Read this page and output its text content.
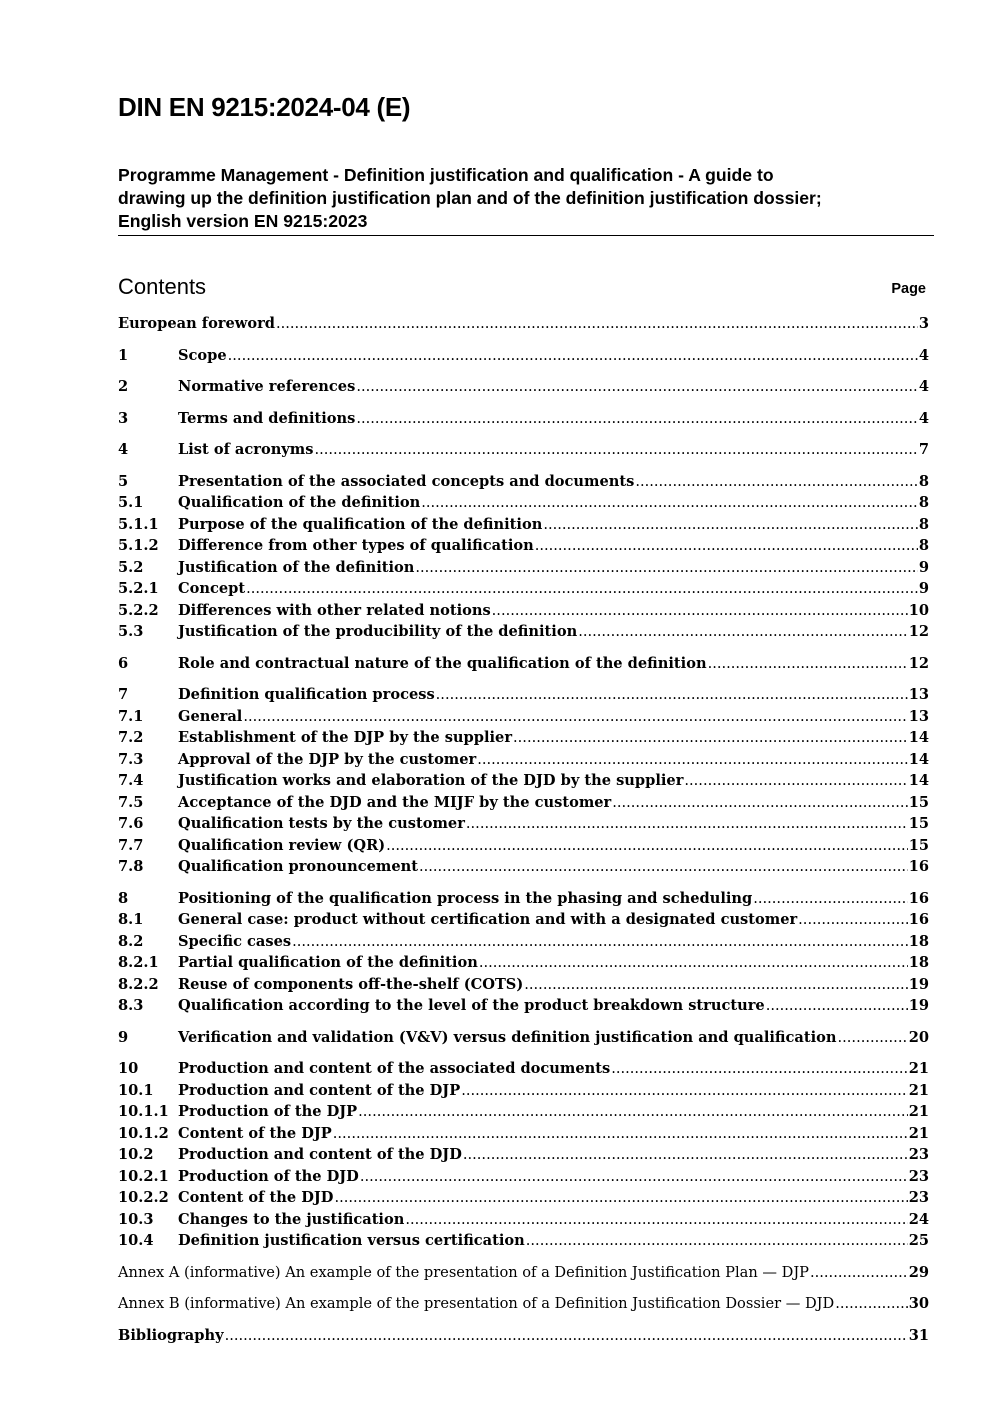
DIN EN 9215:2024-04 (E)
Programme Management - Definition justification and qualification - A guide to
drawing up the definition justification plan and of the definition justification dossier;
English version EN 9215:2023
Contents	Page
European foreword .....	3
1	Scope .....	4
2	Normative references .....	4
3	Terms and definitions .....	4
4	List of acronyms .....	7
5	Presentation of the associated concepts and documents .....	8
5.1	Qualification of the definition .....	8
5.1.1	Purpose of the qualification of the definition .....	8
5.1.2	Difference from other types of qualification .....	8
5.2	Justification of the definition .....	9
5.2.1	Concept .....	9
5.2.2	Differences with other related notions .....	10
5.3	Justification of the producibility of the definition .....	12
6	Role and contractual nature of the qualification of the definition .....	12
7	Definition qualification process .....	13
7.1	General .....	13
7.2	Establishment of the DJP by the supplier .....	14
7.3	Approval of the DJP by the customer .....	14
7.4	Justification works and elaboration of the DJD by the supplier .....	14
7.5	Acceptance of the DJD and the MIJF by the customer .....	15
7.6	Qualification tests by the customer .....	15
7.7	Qualification review (QR) .....	15
7.8	Qualification pronouncement .....	16
8	Positioning of the qualification process in the phasing and scheduling .....	16
8.1	General case: product without certification and with a designated customer .....	16
8.2	Specific cases .....	18
8.2.1	Partial qualification of the definition .....	18
8.2.2	Reuse of components off-the-shelf (COTS) .....	19
8.3	Qualification according to the level of the product breakdown structure .....	19
9	Verification and validation (V&V) versus definition justification and qualification .....	20
10	Production and content of the associated documents .....	21
10.1	Production and content of the DJP .....	21
10.1.1 Production of the DJP .....	21
10.1.2 Content of the DJP .....	21
10.2	Production and content of the DJD .....	23
10.2.1 Production of the DJD .....	23
10.2.2 Content of the DJD .....	23
10.3	Changes to the justification .....	24
10.4	Definition justification versus certification .....	25
Annex A (informative) An example of the presentation of a Definition Justification Plan — DJP .....	29
Annex B (informative) An example of the presentation of a Definition Justification Dossier — DJD .....	30
Bibliography .....	31
